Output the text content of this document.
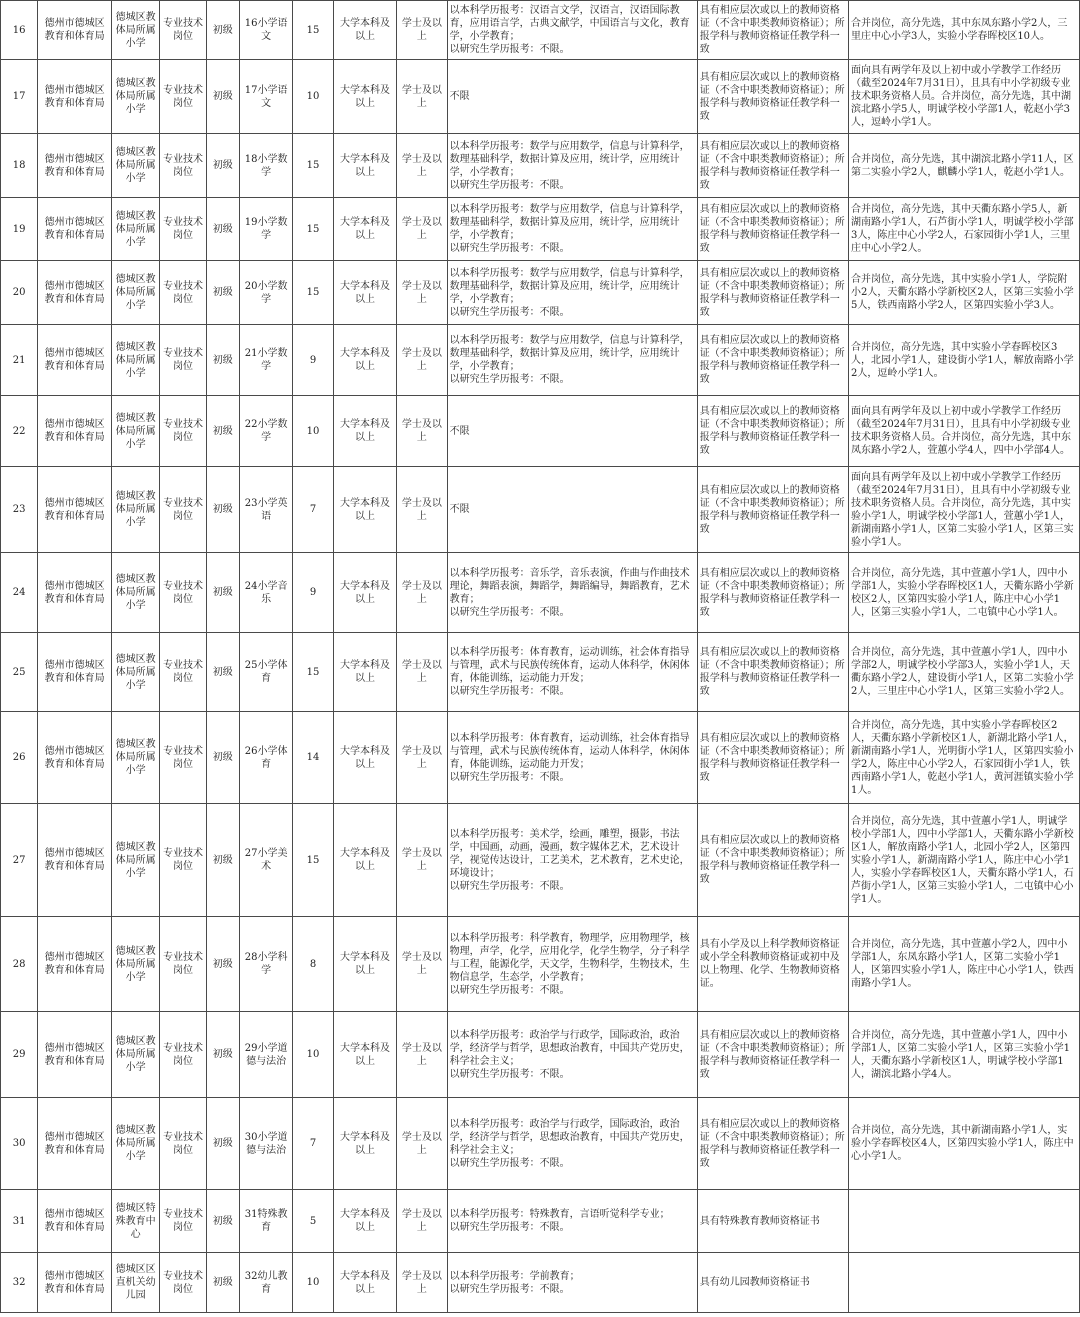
16	德州市德城区教育和体育局	德城区教体局所属小学	专业技术岗位	初级	16小学语文	15	大学本科及以上	学士及以上	以本科学历报考：汉语言文学，汉语言，汉语国际教育，应用语言学，古典文献学，中国语言与文化，教育学，小学教育；
以研究生学历报考：不限。	具有相应层次或以上的教师资格证（不含中职类教师资格证）；所报学科与教师资格证任教学科一致	合并岗位，高分先选，其中东凤东路小学2人，三里庄中心小学3人，实验小学春晖校区10人。
17	德州市德城区教育和体育局	德城区教体局所属小学	专业技术岗位	初级	17小学语文	10	大学本科及以上	学士及以上	不限	具有相应层次或以上的教师资格证（不含中职类教师资格证）；所报学科与教师资格证任教学科一致	面向具有两学年及以上初中或小学教学工作经历（截至2024年7月31日），且具有中小学初级专业技术职务资格人员。合并岗位，高分先选，其中湖滨北路小学5人，明诚学校小学部1人，乾赵小学3人，逗岭小学1人。
18	德州市德城区教育和体育局	德城区教体局所属小学	专业技术岗位	初级	18小学数学	15	大学本科及以上	学士及以上	以本科学历报考：数学与应用数学，信息与计算科学，数理基础科学，数据计算及应用，统计学，应用统计学，小学教育；
以研究生学历报考：不限。	具有相应层次或以上的教师资格证（不含中职类教师资格证）；所报学科与教师资格证任教学科一致	合并岗位，高分先选，其中湖滨北路小学11人，区第二实验小学2人，麒麟小学1人，乾赵小学1人。
19	德州市德城区教育和体育局	德城区教体局所属小学	专业技术岗位	初级	19小学数学	15	大学本科及以上	学士及以上	以本科学历报考：数学与应用数学，信息与计算科学，数理基础科学，数据计算及应用，统计学，应用统计学，小学教育；
以研究生学历报考：不限。	具有相应层次或以上的教师资格证（不含中职类教师资格证）；所报学科与教师资格证任教学科一致	合并岗位，高分先选，其中天衢东路小学5人，新湖南路小学1人，石芦街小学1人，明诚学校小学部3人，陈庄中心小学2人，石家园街小学1人，三里庄中心小学2人。
20	德州市德城区教育和体育局	德城区教体局所属小学	专业技术岗位	初级	20小学数学	15	大学本科及以上	学士及以上	以本科学历报考：数学与应用数学，信息与计算科学，数理基础科学，数据计算及应用，统计学，应用统计学，小学教育；
以研究生学历报考：不限。	具有相应层次或以上的教师资格证（不含中职类教师资格证）；所报学科与教师资格证任教学科一致	合并岗位，高分先选，其中实验小学1人，学院附小2人，天衢东路小学新校区2人，区第三实验小学5人，铁西南路小学2人，区第四实验小学3人。
21	德州市德城区教育和体育局	德城区教体局所属小学	专业技术岗位	初级	21小学数学	9	大学本科及以上	学士及以上	以本科学历报考：数学与应用数学，信息与计算科学，数理基础科学，数据计算及应用，统计学，应用统计学，小学教育；
以研究生学历报考：不限。	具有相应层次或以上的教师资格证（不含中职类教师资格证）；所报学科与教师资格证任教学科一致	合并岗位，高分先选，其中实验小学春晖校区3人，北园小学1人，建设街小学1人，解放南路小学2人，逗岭小学1人。
22	德州市德城区教育和体育局	德城区教体局所属小学	专业技术岗位	初级	22小学数学	10	大学本科及以上	学士及以上	不限	具有相应层次或以上的教师资格证（不含中职类教师资格证）；所报学科与教师资格证任教学科一致	面向具有两学年及以上初中或小学教学工作经历（截至2024年7月31日），且具有中小学初级专业技术职务资格人员。合并岗位，高分先选，其中东凤东路小学2人，萱蕙小学4人，四中小学部4人。
23	德州市德城区教育和体育局	德城区教体局所属小学	专业技术岗位	初级	23小学英语	7	大学本科及以上	学士及以上	不限	具有相应层次或以上的教师资格证（不含中职类教师资格证）；所报学科与教师资格证任教学科一致	面向具有两学年及以上初中或小学教学工作经历（截至2024年7月31日），且具有中小学初级专业技术职务资格人员。合并岗位，高分先选，其中实验小学1人，明诚学校小学部1人，萱蕙小学1人，新湖南路小学1人，区第二实验小学1人，区第三实验小学1人。
24	德州市德城区教育和体育局	德城区教体局所属小学	专业技术岗位	初级	24小学音乐	9	大学本科及以上	学士及以上	以本科学历报考：音乐学，音乐表演，作曲与作曲技术理论，舞蹈表演，舞蹈学，舞蹈编导，舞蹈教育，艺术教育；
以研究生学历报考：不限。	具有相应层次或以上的教师资格证（不含中职类教师资格证）；所报学科与教师资格证任教学科一致	合并岗位，高分先选，其中萱蕙小学1人，四中小学部1人，实验小学春晖校区1人，天衢东路小学新校区2人，区第四实验小学1人，陈庄中心小学1人，区第三实验小学1人，二屯镇中心小学1人。
25	德州市德城区教育和体育局	德城区教体局所属小学	专业技术岗位	初级	25小学体育	15	大学本科及以上	学士及以上	以本科学历报考：体育教育，运动训练，社会体育指导与管理，武术与民族传统体育，运动人体科学，休闲体育，体能训练，运动能力开发；
以研究生学历报考：不限。	具有相应层次或以上的教师资格证（不含中职类教师资格证）；所报学科与教师资格证任教学科一致	合并岗位，高分先选，其中萱蕙小学1人，四中小学部2人，明诚学校小学部3人，实验小学1人，天衢东路小学2人，建设街小学1人，区第二实验小学2人，三里庄中心小学1人，区第三实验小学2人。
26	德州市德城区教育和体育局	德城区教体局所属小学	专业技术岗位	初级	26小学体育	14	大学本科及以上	学士及以上	以本科学历报考：体育教育，运动训练，社会体育指导与管理，武术与民族传统体育，运动人体科学，休闲体育，体能训练，运动能力开发；
以研究生学历报考：不限。	具有相应层次或以上的教师资格证（不含中职类教师资格证）；所报学科与教师资格证任教学科一致	合并岗位，高分先选，其中实验小学春晖校区2人，天衢东路小学新校区1人，新湖北路小学1人，新湖南路小学1人，光明街小学1人，区第四实验小学2人，陈庄中心小学2人，石家园街小学1人，铁西南路小学1人，乾赵小学1人，黄河涯镇实验小学1人。
27	德州市德城区教育和体育局	德城区教体局所属小学	专业技术岗位	初级	27小学美术	15	大学本科及以上	学士及以上	以本科学历报考：美术学，绘画，雕塑，摄影，书法学，中国画，动画，漫画，数字媒体艺术，艺术设计学，视觉传达设计，工艺美术，艺术教育，艺术史论，环境设计；
以研究生学历报考：不限。	具有相应层次或以上的教师资格证（不含中职类教师资格证）；所报学科与教师资格证任教学科一致	合并岗位，高分先选，其中萱蕙小学1人，明诚学校小学部1人，四中小学部1人，天衢东路小学新校区1人，解放南路小学1人，北园小学2人，区第四实验小学1人，新湖南路小学1人，陈庄中心小学1人，实验小学春晖校区1人，天衢东路小学1人，石芦街小学1人，区第三实验小学1人，二屯镇中心小学1人。
28	德州市德城区教育和体育局	德城区教体局所属小学	专业技术岗位	初级	28小学科学	8	大学本科及以上	学士及以上	以本科学历报考：科学教育，物理学，应用物理学，核物理，声学，化学，应用化学，化学生物学，分子科学与工程，能源化学，天文学，生物科学，生物技术，生物信息学，生态学，小学教育；
以研究生学历报考：不限。	具有小学及以上科学教师资格证或小学全科教师资格证或初中及以上物理、化学、生物教师资格证。	合并岗位，高分先选，其中萱蕙小学2人，四中小学部1人，东凤东路小学1人，区第二实验小学1人，区第四实验小学1人，陈庄中心小学1人，铁西南路小学1人。
29	德州市德城区教育和体育局	德城区教体局所属小学	专业技术岗位	初级	29小学道德与法治	10	大学本科及以上	学士及以上	以本科学历报考：政治学与行政学，国际政治，政治学，经济学与哲学，思想政治教育，中国共产党历史，科学社会主义；
以研究生学历报考：不限。	具有相应层次或以上的教师资格证（不含中职类教师资格证）；所报学科与教师资格证任教学科一致	合并岗位，高分先选，其中萱蕙小学1人，四中小学部1人，区第二实验小学1人，区第三实验小学1人，天衢东路小学新校区1人，明诚学校小学部1人，湖滨北路小学4人。
30	德州市德城区教育和体育局	德城区教体局所属小学	专业技术岗位	初级	30小学道德与法治	7	大学本科及以上	学士及以上	以本科学历报考：政治学与行政学，国际政治，政治学，经济学与哲学，思想政治教育，中国共产党历史，科学社会主义；
以研究生学历报考：不限。	具有相应层次或以上的教师资格证（不含中职类教师资格证）；所报学科与教师资格证任教学科一致	合并岗位，高分先选，其中新湖南路小学1人，实验小学春晖校区4人，区第四实验小学1人，陈庄中心小学1人。
31	德州市德城区教育和体育局	德城区特殊教育中心	专业技术岗位	初级	31特殊教育	5	大学本科及以上	学士及以上	以本科学历报考：特殊教育，言语听觉科学专业；
以研究生学历报考：不限。	具有特殊教育教师资格证书	
32	德州市德城区教育和体育局	德城区区直机关幼儿园	专业技术岗位	初级	32幼儿教育	10	大学本科及以上	学士及以上	以本科学历报考：学前教育；
以研究生学历报考：不限。	具有幼儿园教师资格证书	
